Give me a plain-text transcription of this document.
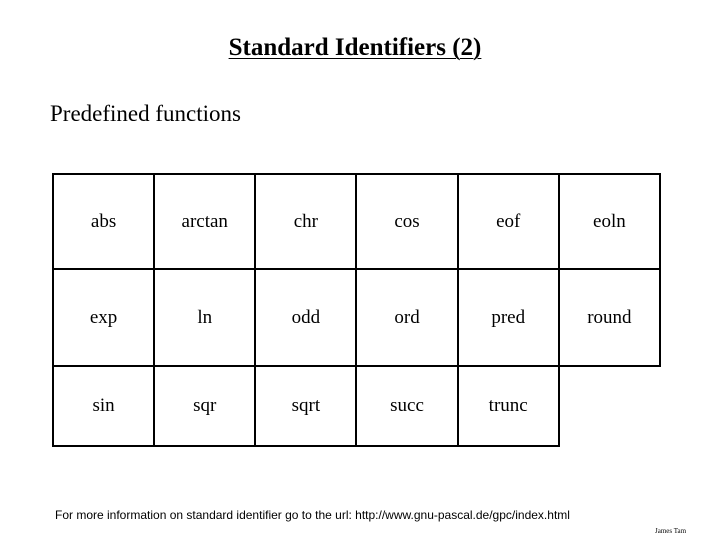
Standard Identifiers (2)
Predefined functions
abs	arctan	chr	cos	eof	eoln
exp	ln	odd	ord	pred	round
sin	sqr	sqrt	succ	trunc	
For more information on standard identifier go to the url: http://www.gnu-pascal.de/gpc/index.html
James Tam
